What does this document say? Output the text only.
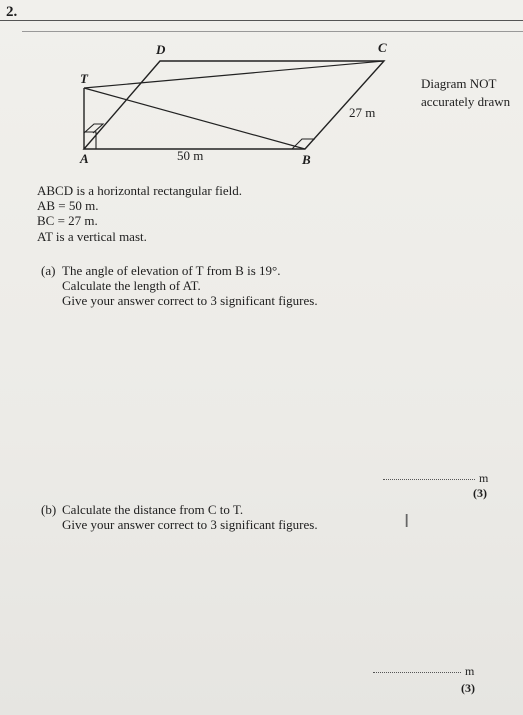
2.
D	C
T
A	B
50 m
27 m
Diagram NOT
accurately drawn
ABCD is a horizontal rectangular field.
AB = 50 m.
BC = 27 m.
AT is a vertical mast.
(a) The angle of elevation of T from B is 19°.
Calculate the length of AT.
Give your answer correct to 3 significant figures.
m
(3)
(b) Calculate the distance from C to T.
Give your answer correct to 3 significant figures.	I
m
(3)
